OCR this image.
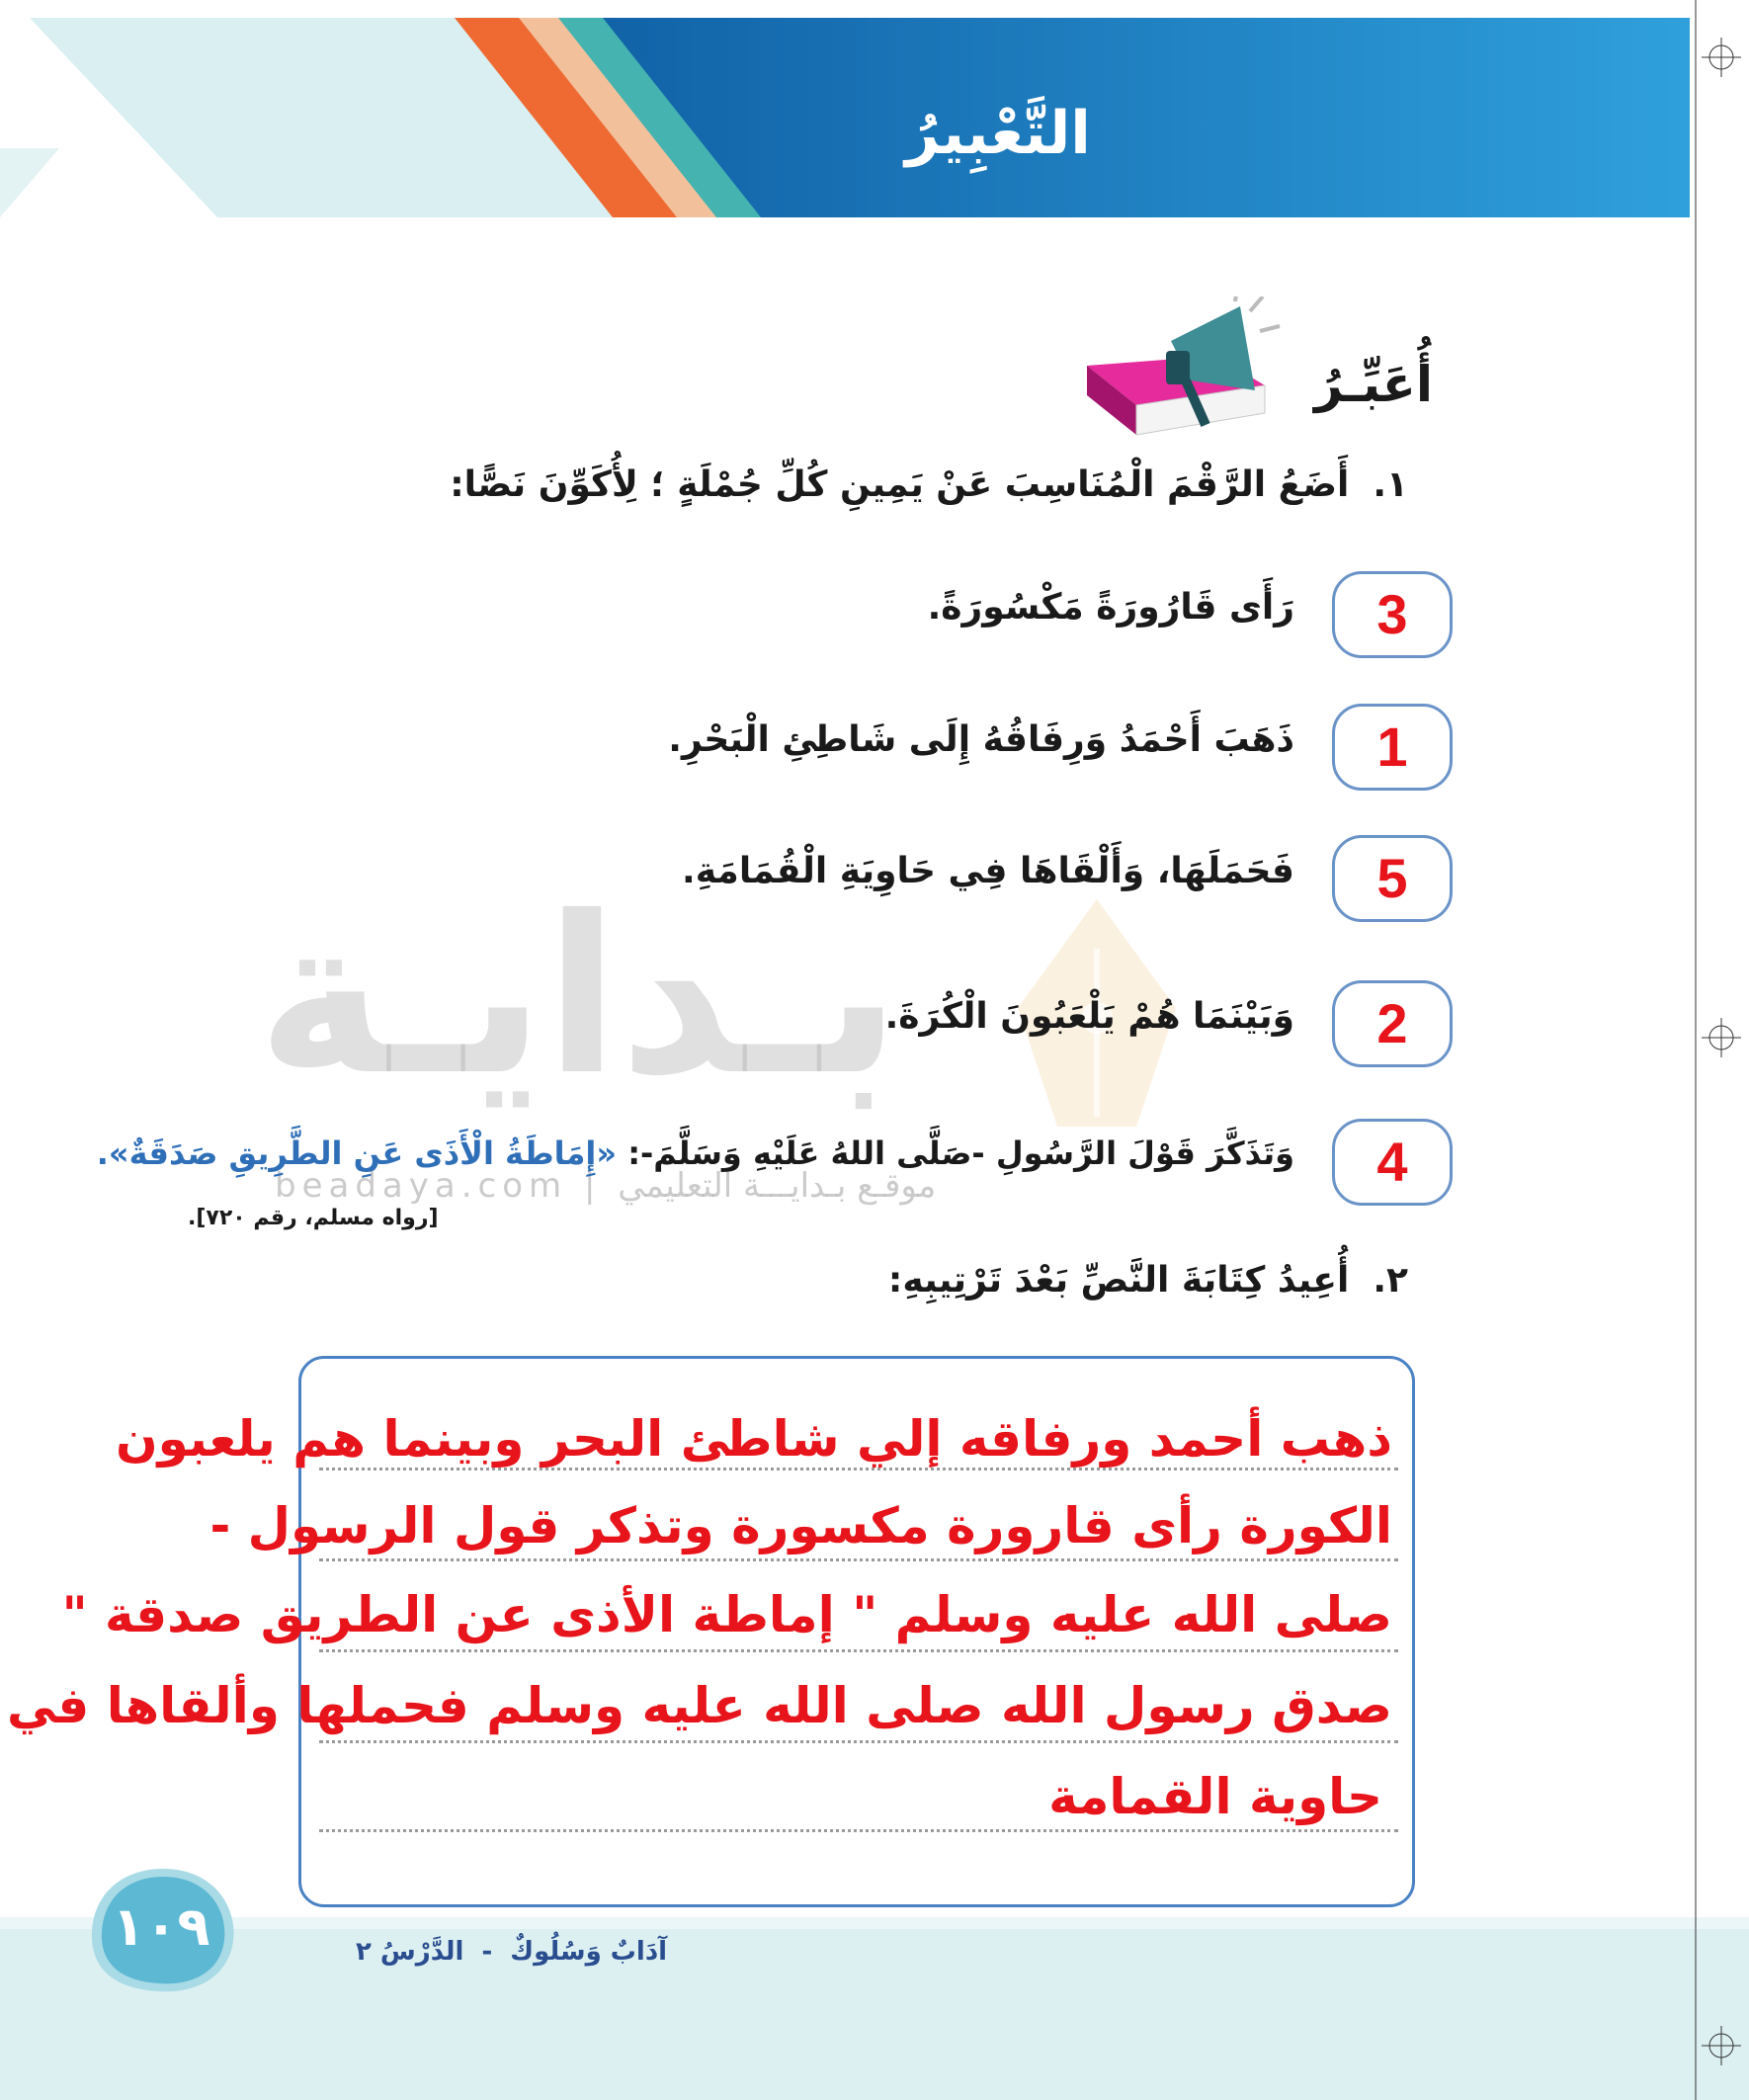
التَّعْبِيرُ
بـدايـة
beadaya.com | موقـع بـدايـــة التعليمي
أُعَبِّـرُ
١.أَضَعُ الرَّقْمَ الْمُنَاسِبَ عَنْ يَمِينِ كُلِّ جُمْلَةٍ ؛ لِأُكَوِّنَ نَصًّا:
3
رَأَى قَارُورَةً مَكْسُورَةً.
1
ذَهَبَ أَحْمَدُ وَرِفَاقُهُ إِلَى شَاطِئِ الْبَحْرِ.
5
فَحَمَلَهَا، وَأَلْقَاهَا فِي حَاوِيَةِ الْقُمَامَةِ.
2
وَبَيْنَمَا هُمْ يَلْعَبُونَ الْكُرَةَ.
4
وَتَذَكَّرَ قَوْلَ الرَّسُولِ -صَلَّى اللهُ عَلَيْهِ وَسَلَّمَ-: «إِمَاطَةُ الْأَذَى عَنِ الطَّرِيقِ صَدَقَةٌ».
[رواه مسلم، رقم ٧٢٠].
٢.أُعِيدُ كِتَابَةَ النَّصِّ بَعْدَ تَرْتِيبِهِ:
ذهب أحمد ورفاقه إلي شاطئ البحر وبينما هم يلعبون
الكورة رأى قارورة مكسورة وتذكر قول الرسول -
صلى الله عليه وسلم " إماطة الأذى عن الطريق صدقة "
صدق رسول الله صلى الله عليه وسلم فحملها وألقاها في
حاوية القمامة
١٠٩	آدَابٌ وَسُلُوكٌ-الدَّرْسُ ٢
